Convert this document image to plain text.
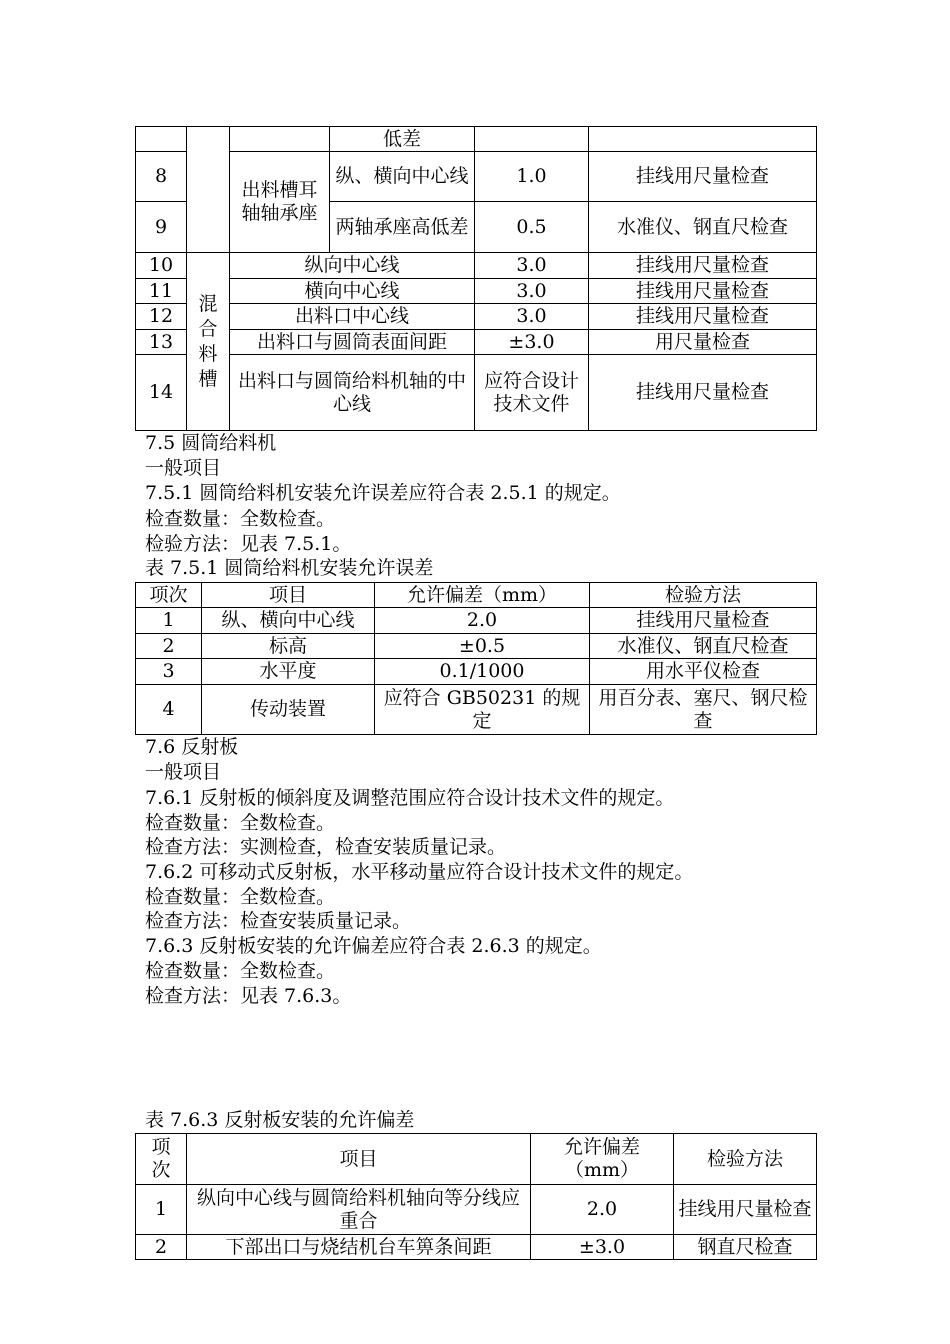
			低差		
8		出料槽耳轴轴承座	纵、横向中心线	1.0	挂线用尺量检查
9			两轴承座高低差	0.5	水准仪、钢直尺检查
10	混合料槽	纵向中心线		3.0	挂线用尺量检查
11		横向中心线		3.0	挂线用尺量检查
12		出料口中心线		3.0	挂线用尺量检查
13		出料口与圆筒表面间距		±3.0	用尺量检查
14		出料口与圆筒给料机轴的中心线		应符合设计技术文件	挂线用尺量检查
7.5 圆筒给料机
一般项目
7.5.1 圆筒给料机安装允许误差应符合表 2.5.1 的规定。
检查数量：全数检查。
检验方法：见表 7.5.1。
表 7.5.1 圆筒给料机安装允许误差
项次	项目	允许偏差（mm）	检验方法
1	纵、横向中心线	2.0	挂线用尺量检查
2	标高	±0.5	水准仪、钢直尺检查
3	水平度	0.1/1000	用水平仪检查
4	传动装置	应符合 GB50231 的规定	用百分表、塞尺、钢尺检查
7.6 反射板
一般项目
7.6.1 反射板的倾斜度及调整范围应符合设计技术文件的规定。
检查数量：全数检查。
检查方法：实测检查，检查安装质量记录。
7.6.2 可移动式反射板，水平移动量应符合设计技术文件的规定。
检查数量：全数检查。
检查方法：检查安装质量记录。
7.6.3 反射板安装的允许偏差应符合表 2.6.3 的规定。
检查数量：全数检查。
检查方法：见表 7.6.3。
表 7.6.3 反射板安装的允许偏差
项次	项目	允许偏差（mm）	检验方法
1	纵向中心线与圆筒给料机轴向等分线应重合	2.0	挂线用尺量检查
2	下部出口与烧结机台车箅条间距	±3.0	钢直尺检查
